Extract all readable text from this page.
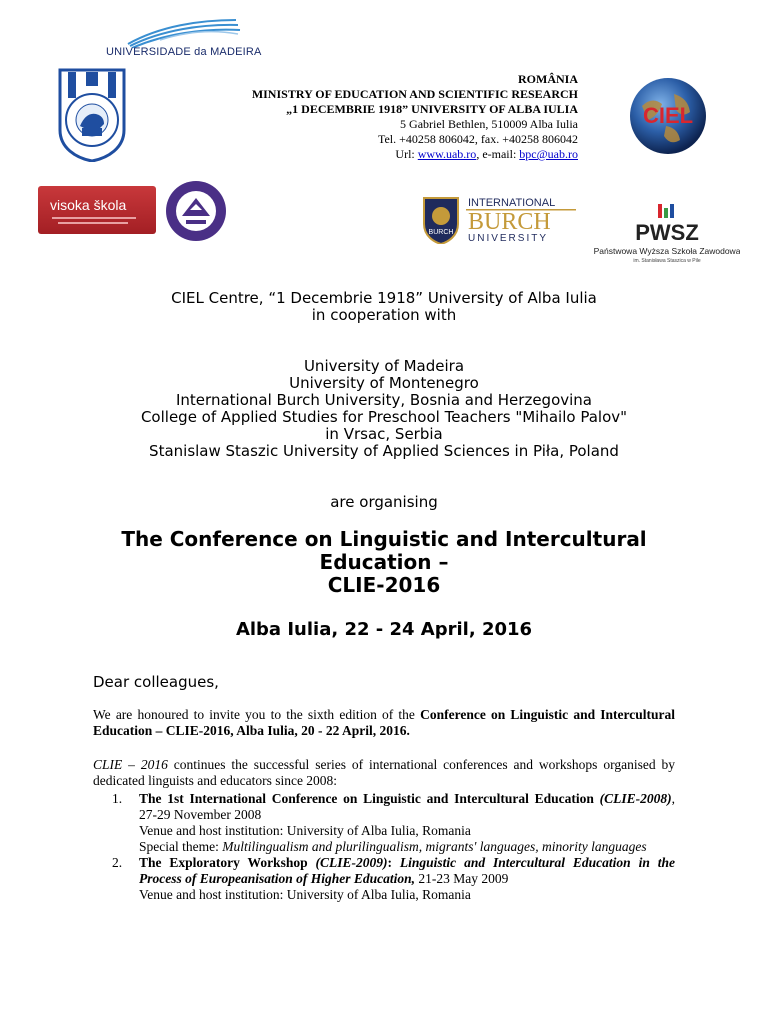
UNIVERSIDADE da MADEIRA
CIEL
visoka škola
BURCH
INTERNATIONAL
BURCH
UNIVERSITY	PWSZ
Państwowa Wyższa Szkoła Zawodowa
im. Stanisława Staszica w Pile
ROMÂNIA
MINISTRY OF EDUCATION AND SCIENTIFIC RESEARCH
„1 DECEMBRIE 1918” UNIVERSITY OF ALBA IULIA
5 Gabriel Bethlen, 510009 Alba Iulia
Tel. +40258 806042, fax. +40258 806042
Url: www.uab.ro, e-mail: bpc@uab.ro
CIEL Centre, “1 Decembrie 1918” University of Alba Iulia
in cooperation with
University of Madeira
University of Montenegro
International Burch University, Bosnia and Herzegovina
College of Applied Studies for Preschool Teachers "Mihailo Palov"
in Vrsac, Serbia
Stanislaw Staszic University of Applied Sciences in Piła, Poland
are organising
The Conference on Linguistic and Intercultural
Education –
CLIE-2016
Alba Iulia, 22 - 24 April, 2016
Dear colleagues,
We are honoured to invite you to the sixth edition of the Conference on Linguistic and Intercultural Education – CLIE-2016, Alba Iulia, 20 - 22 April, 2016.
CLIE – 2016 continues the successful series of international conferences and workshops organised by dedicated linguists and educators since 2008:
1. The 1st International Conference on Linguistic and Intercultural Education (CLIE-2008), 27-29 November 2008
Venue and host institution: University of Alba Iulia, Romania
Special theme: Multilingualism and plurilingualism, migrants' languages, minority languages
2. The Exploratory Workshop (CLIE-2009): Linguistic and Intercultural Education in the Process of Europeanisation of Higher Education, 21-23 May 2009
Venue and host institution: University of Alba Iulia, Romania
